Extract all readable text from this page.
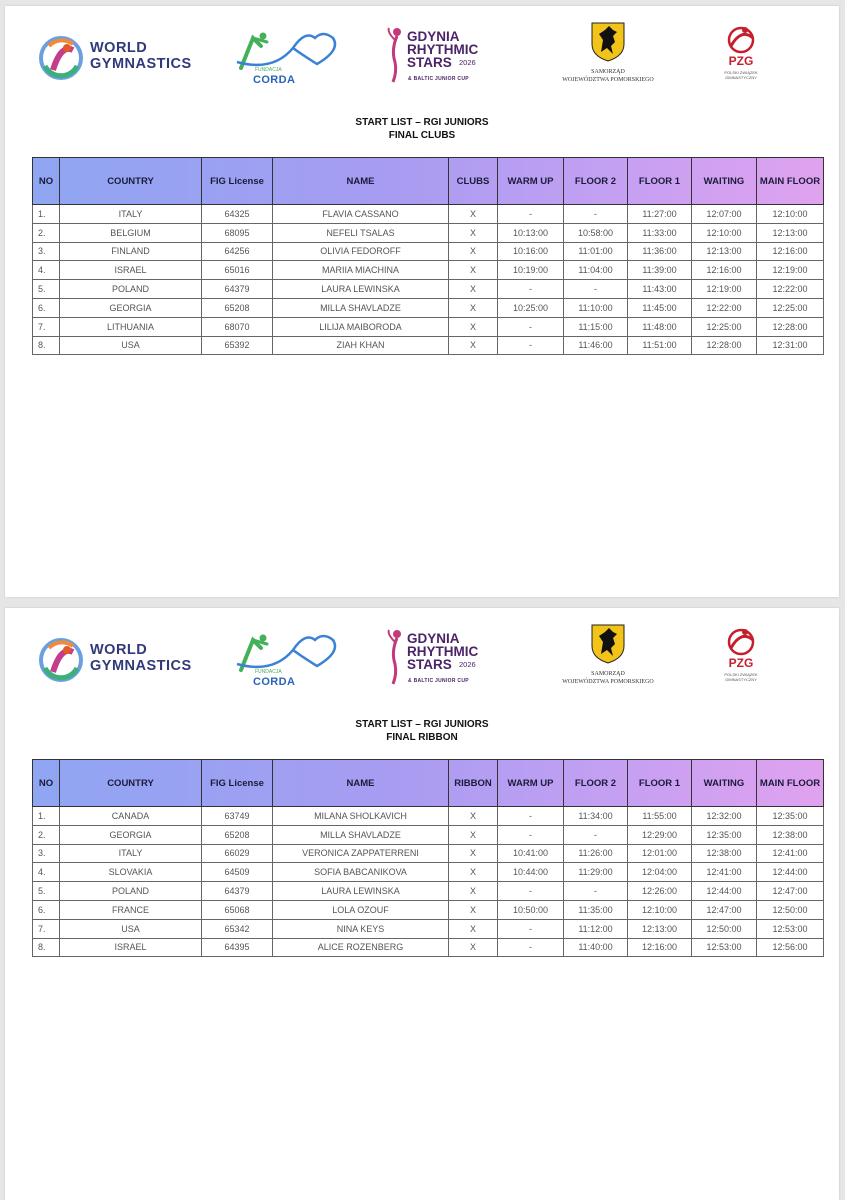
WORLD
GYMNASTICS	FUNDACJA
CORDA
GDYNIA
RHYTHMIC
STARS 2026
& BALTIC JUNIOR CUP
SAMORZĄD
WOJEWÓDZTWA POMORSKIEGO
PZG
POLSKI ZWIĄZEK
GIMNASTYCZNY
START LIST – RGI JUNIORS
FINAL CLUBS
NO	COUNTRY	FIG License	NAME	CLUBS	WARM UP	FLOOR 2	FLOOR 1	WAITING	MAIN FLOOR
1.	ITALY	64325	FLAVIA CASSANO	X	-	-	11:27:00	12:07:00	12:10:00
2.	BELGIUM	68095	NEFELI TSALAS	X	10:13:00	10:58:00	11:33:00	12:10:00	12:13:00
3.	FINLAND	64256	OLIVIA FEDOROFF	X	10:16:00	11:01:00	11:36:00	12:13:00	12:16:00
4.	ISRAEL	65016	MARIIA MIACHINA	X	10:19:00	11:04:00	11:39:00	12:16:00	12:19:00
5.	POLAND	64379	LAURA LEWINSKA	X	-	-	11:43:00	12:19:00	12:22:00
6.	GEORGIA	65208	MILLA SHAVLADZE	X	10:25:00	11:10:00	11:45:00	12:22:00	12:25:00
7.	LITHUANIA	68070	LILIJA MAIBORODA	X	-	11:15:00	11:48:00	12:25:00	12:28:00
8.	USA	65392	ZIAH KHAN	X	-	11:46:00	11:51:00	12:28:00	12:31:00
WORLD
GYMNASTICS	FUNDACJA
CORDA
GDYNIA
RHYTHMIC
STARS 2026
& BALTIC JUNIOR CUP
SAMORZĄD
WOJEWÓDZTWA POMORSKIEGO
PZG
POLSKI ZWIĄZEK
GIMNASTYCZNY
START LIST – RGI JUNIORS
FINAL RIBBON
NO	COUNTRY	FIG License	NAME	RIBBON	WARM UP	FLOOR 2	FLOOR 1	WAITING	MAIN FLOOR
1.	CANADA	63749	MILANA SHOLKAVICH	X	-	11:34:00	11:55:00	12:32:00	12:35:00
2.	GEORGIA	65208	MILLA SHAVLADZE	X	-	-	12:29:00	12:35:00	12:38:00
3.	ITALY	66029	VERONICA ZAPPATERRENI	X	10:41:00	11:26:00	12:01:00	12:38:00	12:41:00
4.	SLOVAKIA	64509	SOFIA BABCANIKOVA	X	10:44:00	11:29:00	12:04:00	12:41:00	12:44:00
5.	POLAND	64379	LAURA LEWINSKA	X	-	-	12:26:00	12:44:00	12:47:00
6.	FRANCE	65068	LOLA OZOUF	X	10:50:00	11:35:00	12:10:00	12:47:00	12:50:00
7.	USA	65342	NINA KEYS	X	-	11:12:00	12:13:00	12:50:00	12:53:00
8.	ISRAEL	64395	ALICE ROZENBERG	X	-	11:40:00	12:16:00	12:53:00	12:56:00
